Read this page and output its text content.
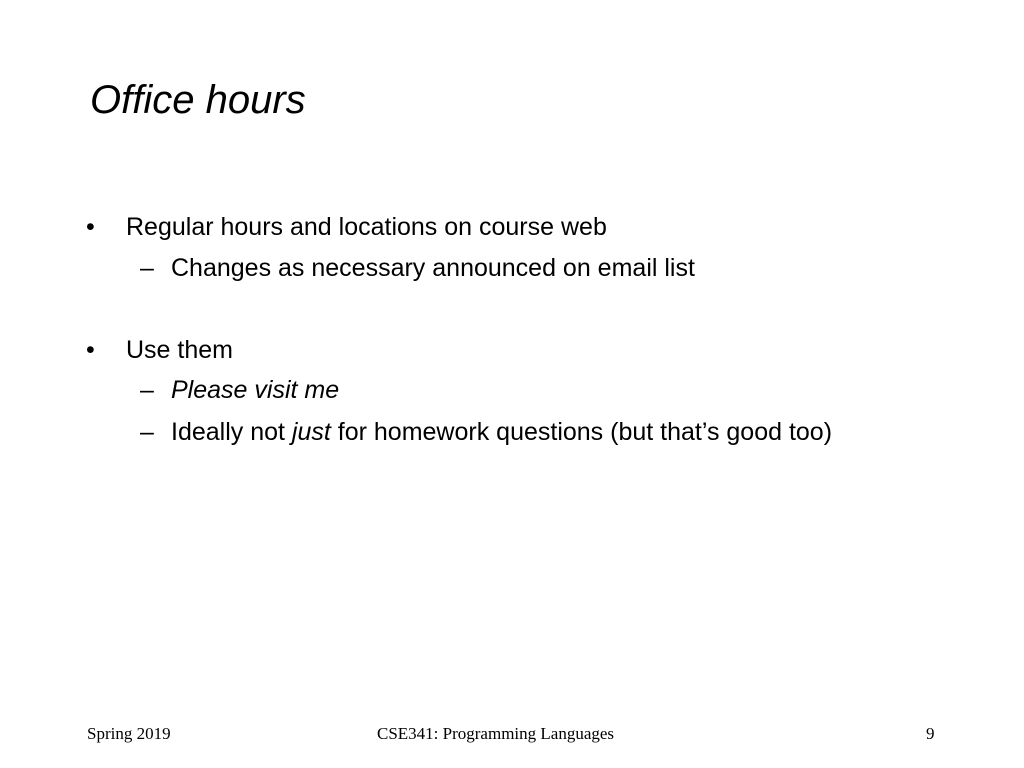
Office hours
• Regular hours and locations on course web
– Changes as necessary announced on email list
• Use them
– Please visit me
– Ideally not just for homework questions (but that’s good too)
Spring 2019	CSE341: Programming Languages	9
